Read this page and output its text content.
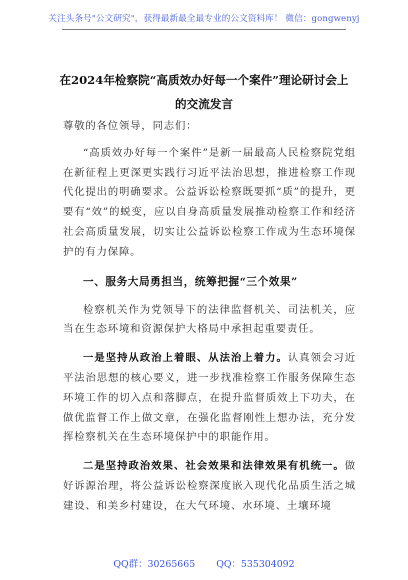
关注头条号"公文研究"，获得最新最全最专业的公文资料库！ 微信：gongwenyj
在2024年检察院“高质效办好每一个案件”理论研讨会上
的交流发言

尊敬的各位领导，同志们：

“高质效办好每一个案件”是新一届最高人民检察院党组在新征程上更深更实践行习近平法治思想，推进检察工作现代化提出的明确要求。公益诉讼检察既要抓“质”的提升，更要有“效”的蜕变，应以自身高质量发展推动检察工作和经济社会高质量发展，切实让公益诉讼检察工作成为生态环境保护的有力保障。

一、服务大局勇担当，统筹把握“三个效果”

检察机关作为党领导下的法律监督机关、司法机关，应当在生态环境和资源保护大格局中承担起重要责任。

一是坚持从政治上着眼、从法治上着力。认真领会习近平法治思想的核心要义，进一步找准检察工作服务保障生态环境工作的切入点和落脚点，在提升监督质效上下功夫，在做优监督工作上做文章，在强化监督刚性上想办法，充分发挥检察机关在生态环境保护中的职能作用。

二是坚持政治效果、社会效果和法律效果有机统一。做好诉源治理，将公益诉讼检察深度嵌入现代化品质生活之城建设、和美乡村建设，在大气环境、水环境、土壤环境

QQ群：30265665 QQ：535304092
